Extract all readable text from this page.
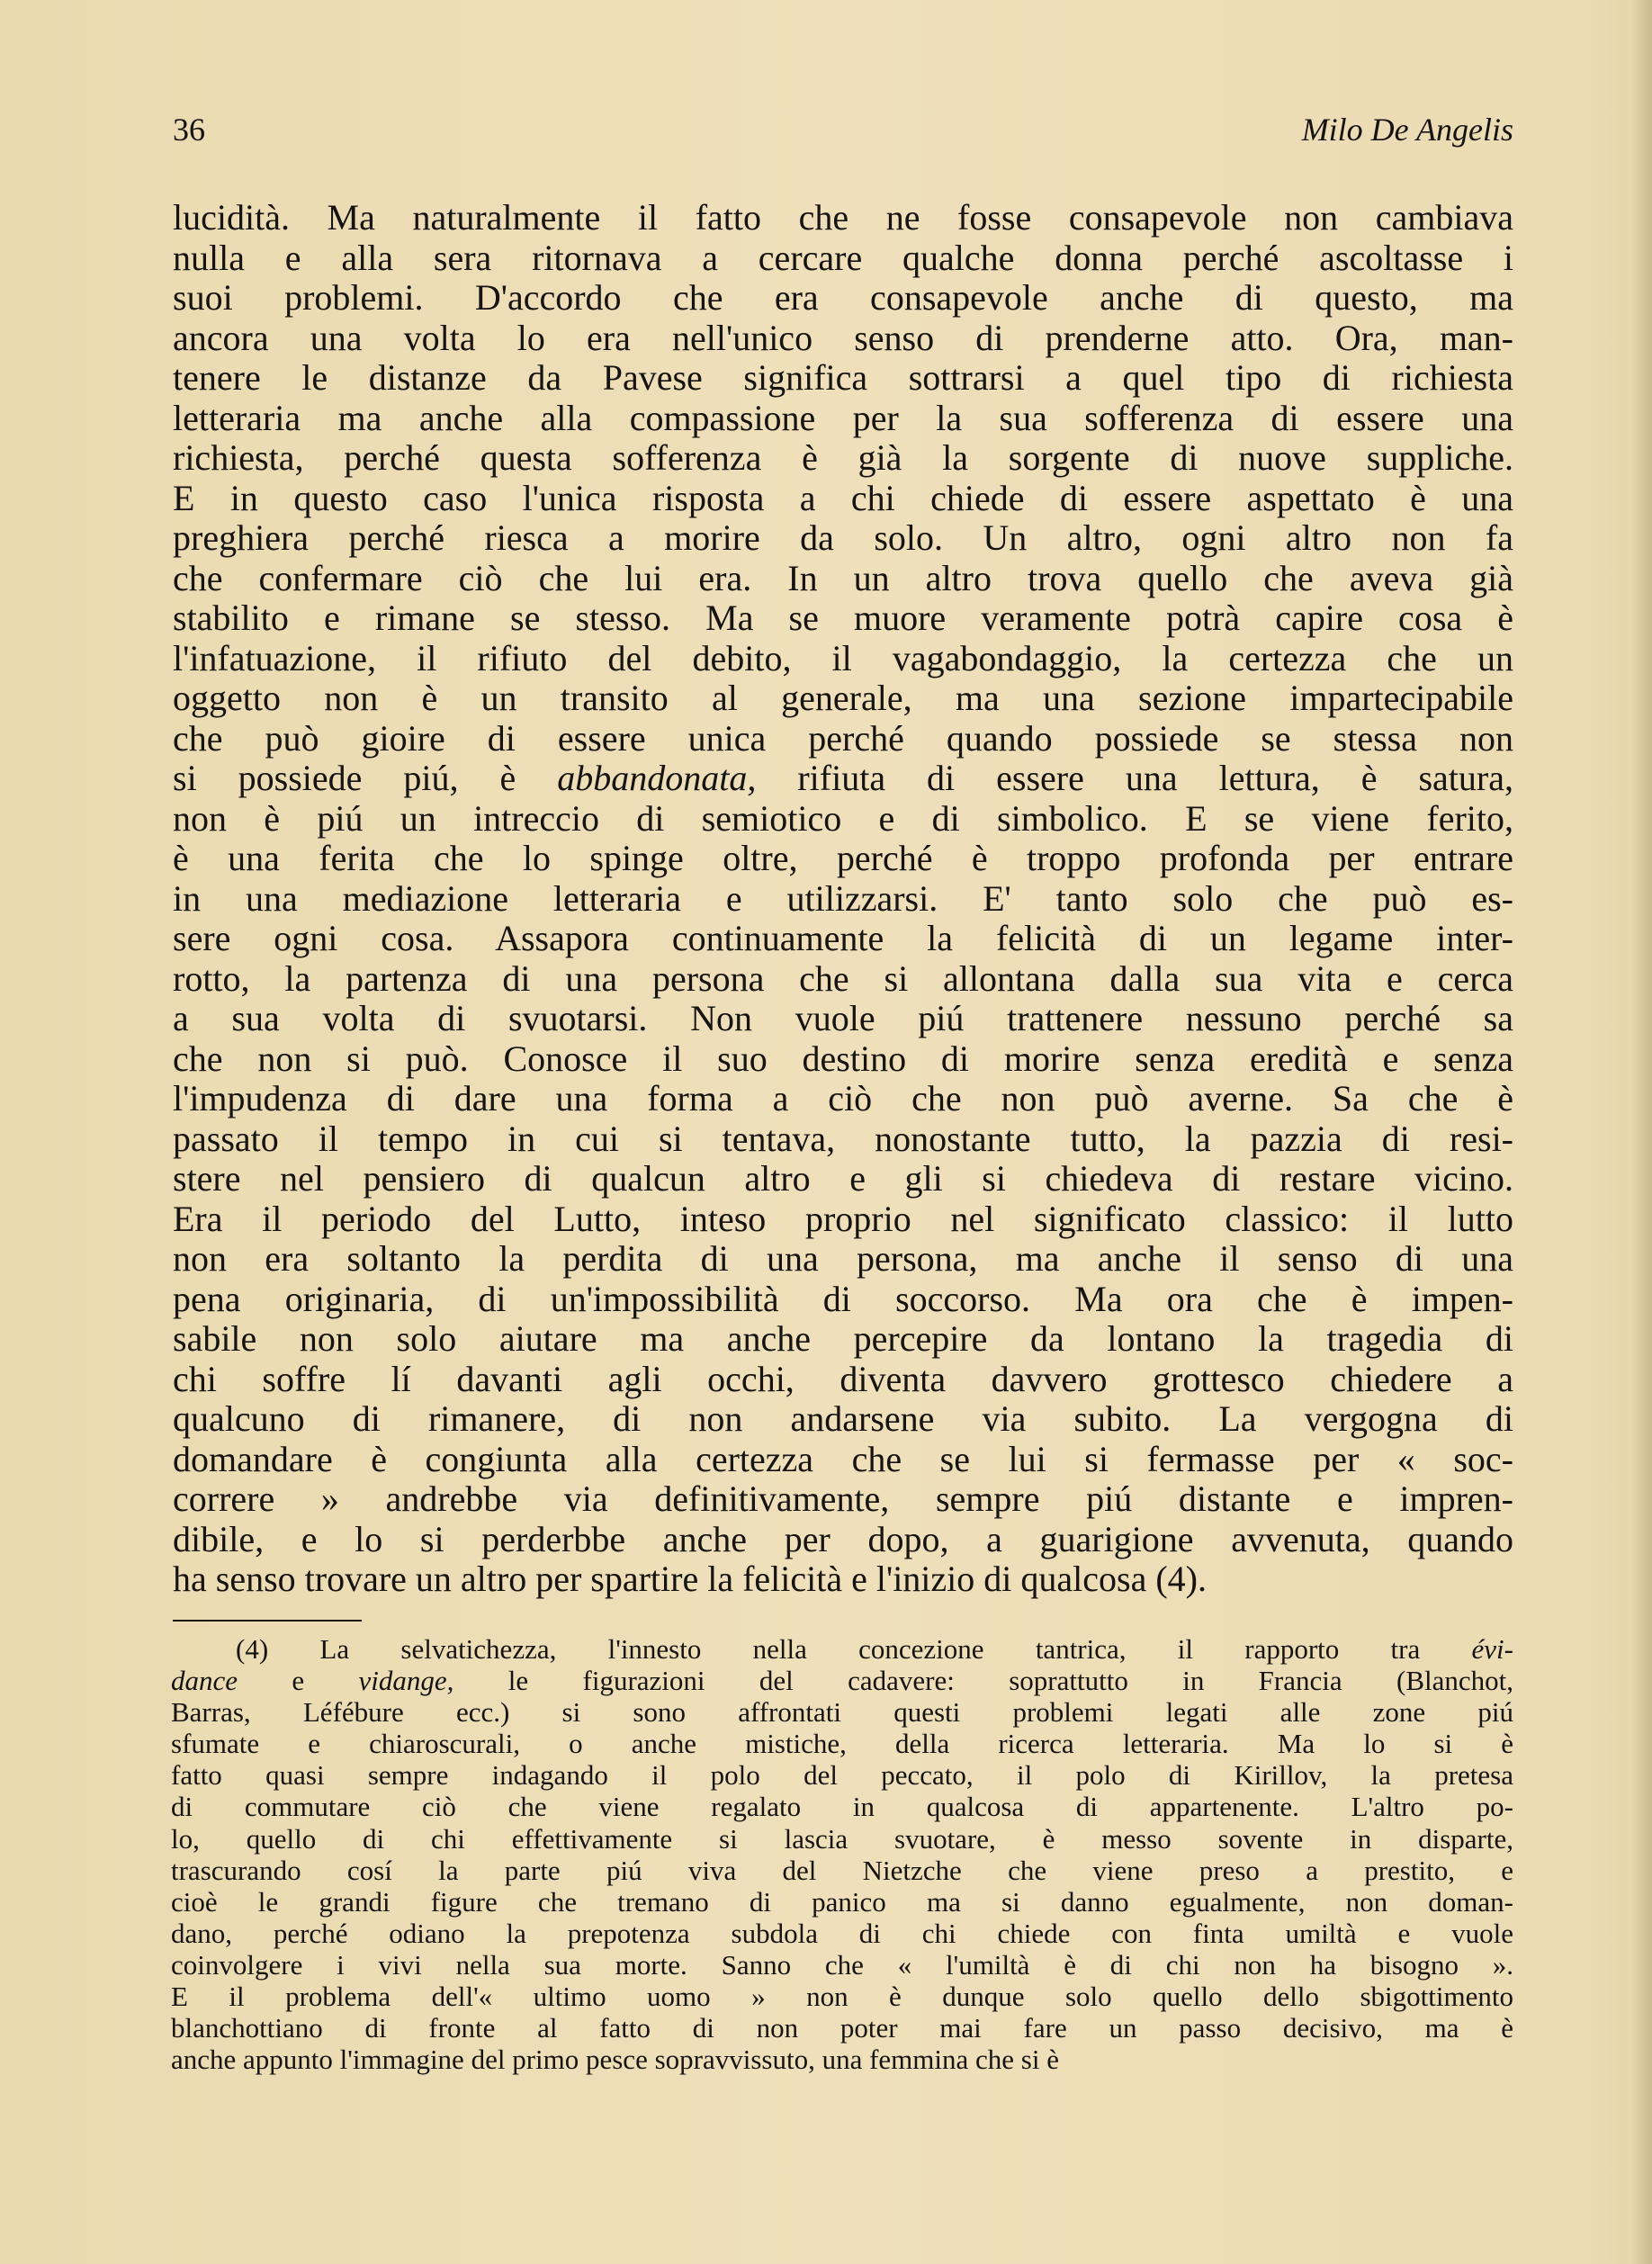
36	Milo De Angelis
lucidità. Ma naturalmente il fatto che ne fosse consapevole non cambiava
nulla e alla sera ritornava a cercare qualche donna perché ascoltasse i
suoi problemi. D'accordo che era consapevole anche di questo, ma
ancora una volta lo era nell'unico senso di prenderne atto. Ora, man-
tenere le distanze da Pavese significa sottrarsi a quel tipo di richiesta
letteraria ma anche alla compassione per la sua sofferenza di essere una
richiesta, perché questa sofferenza è già la sorgente di nuove suppliche.
E in questo caso l'unica risposta a chi chiede di essere aspettato è una
preghiera perché riesca a morire da solo. Un altro, ogni altro non fa
che confermare ciò che lui era. In un altro trova quello che aveva già
stabilito e rimane se stesso. Ma se muore veramente potrà capire cosa è
l'infatuazione, il rifiuto del debito, il vagabondaggio, la certezza che un
oggetto non è un transito al generale, ma una sezione impartecipabile
che può gioire di essere unica perché quando possiede se stessa non
si possiede piú, è abbandonata, rifiuta di essere una lettura, è satura,
non è piú un intreccio di semiotico e di simbolico. E se viene ferito,
è una ferita che lo spinge oltre, perché è troppo profonda per entrare
in una mediazione letteraria e utilizzarsi. E' tanto solo che può es-
sere ogni cosa. Assapora continuamente la felicità di un legame inter-
rotto, la partenza di una persona che si allontana dalla sua vita e cerca
a sua volta di svuotarsi. Non vuole piú trattenere nessuno perché sa
che non si può. Conosce il suo destino di morire senza eredità e senza
l'impudenza di dare una forma a ciò che non può averne. Sa che è
passato il tempo in cui si tentava, nonostante tutto, la pazzia di resi-
stere nel pensiero di qualcun altro e gli si chiedeva di restare vicino.
Era il periodo del Lutto, inteso proprio nel significato classico: il lutto
non era soltanto la perdita di una persona, ma anche il senso di una
pena originaria, di un'impossibilità di soccorso. Ma ora che è impen-
sabile non solo aiutare ma anche percepire da lontano la tragedia di
chi soffre lí davanti agli occhi, diventa davvero grottesco chiedere a
qualcuno di rimanere, di non andarsene via subito. La vergogna di
domandare è congiunta alla certezza che se lui si fermasse per « soc-
correre » andrebbe via definitivamente, sempre piú distante e impren-
dibile, e lo si perderbbe anche per dopo, a guarigione avvenuta, quando
ha senso trovare un altro per spartire la felicità e l'inizio di qualcosa (4).
(4) La selvatichezza, l'innesto nella concezione tantrica, il rapporto tra évi-
dance e vidange, le figurazioni del cadavere: soprattutto in Francia (Blanchot,
Barras, Léfébure ecc.) si sono affrontati questi problemi legati alle zone piú
sfumate e chiaroscurali, o anche mistiche, della ricerca letteraria. Ma lo si è
fatto quasi sempre indagando il polo del peccato, il polo di Kirillov, la pretesa
di commutare ciò che viene regalato in qualcosa di appartenente. L'altro po-
lo, quello di chi effettivamente si lascia svuotare, è messo sovente in disparte,
trascurando cosí la parte piú viva del Nietzche che viene preso a prestito, e
cioè le grandi figure che tremano di panico ma si danno egualmente, non doman-
dano, perché odiano la prepotenza subdola di chi chiede con finta umiltà e vuole
coinvolgere i vivi nella sua morte. Sanno che « l'umiltà è di chi non ha bisogno ».
E il problema dell'« ultimo uomo » non è dunque solo quello dello sbigottimento
blanchottiano di fronte al fatto di non poter mai fare un passo decisivo, ma è
anche appunto l'immagine del primo pesce sopravvissuto, una femmina che si è
